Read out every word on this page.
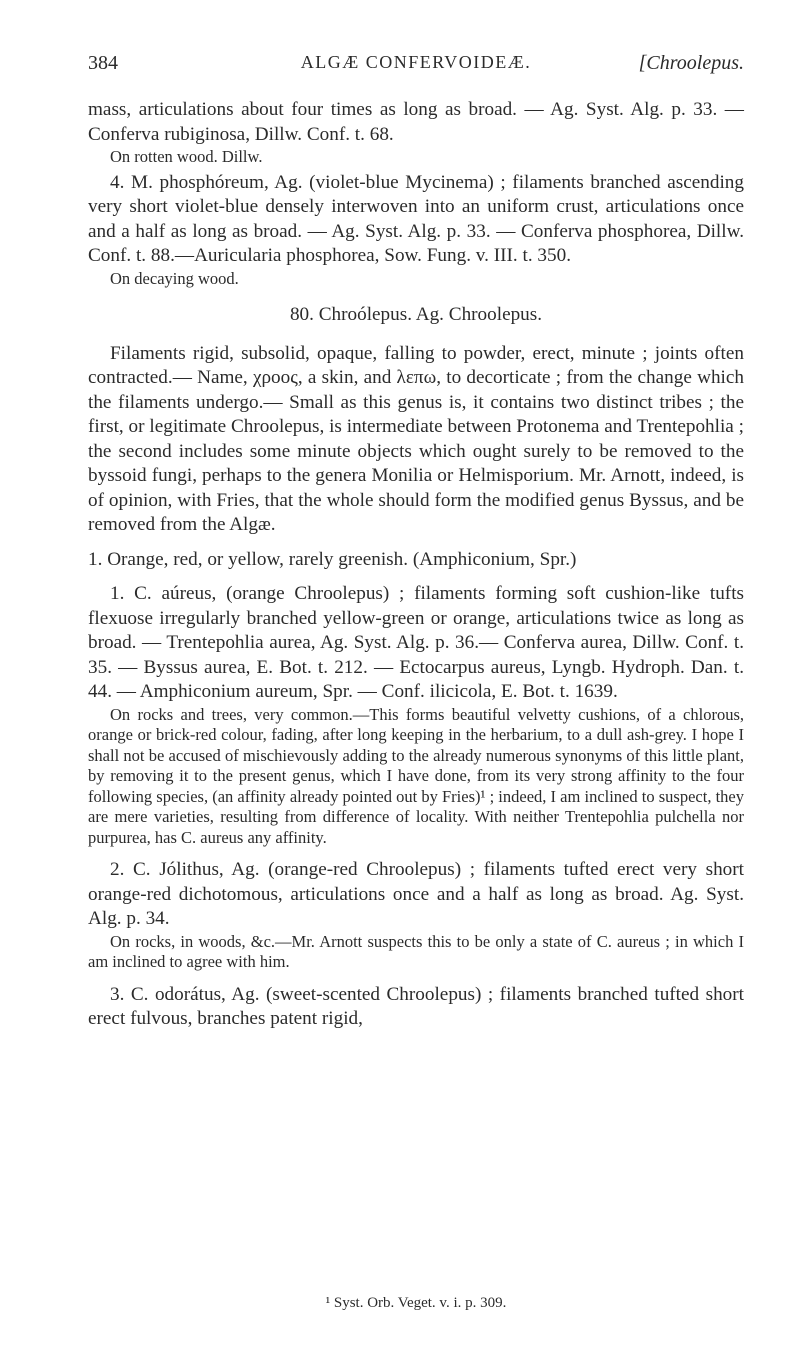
384	ALGÆ CONFERVOIDEÆ.	[Chroolepus.

mass, articulations about four times as long as broad. — Ag. Syst. Alg. p. 33. — Conferva rubiginosa, Dillw. Conf. t. 68.

On rotten wood. Dillw.

4. M. phosphóreum, Ag. (violet-blue Mycinema) ; filaments branched ascending very short violet-blue densely interwoven into an uniform crust, articulations once and a half as long as broad. — Ag. Syst. Alg. p. 33. — Conferva phosphorea, Dillw. Conf. t. 88.—Auricularia phosphorea, Sow. Fung. v. III. t. 350.

On decaying wood.

80. Chroólepus. Ag. Chroolepus.

Filaments rigid, subsolid, opaque, falling to powder, erect, minute ; joints often contracted.— Name, χροος, a skin, and λεπω, to decorticate ; from the change which the filaments undergo.— Small as this genus is, it contains two distinct tribes ; the first, or legitimate Chroolepus, is intermediate between Protonema and Trentepohlia ; the second includes some minute objects which ought surely to be removed to the byssoid fungi, perhaps to the genera Monilia or Helmisporium. Mr. Arnott, indeed, is of opinion, with Fries, that the whole should form the modified genus Byssus, and be removed from the Algæ.

1. Orange, red, or yellow, rarely greenish. (Amphiconium, Spr.)

1. C. aúreus, (orange Chroolepus) ; filaments forming soft cushion-like tufts flexuose irregularly branched yellow-green or orange, articulations twice as long as broad. — Trentepohlia aurea, Ag. Syst. Alg. p. 36.— Conferva aurea, Dillw. Conf. t. 35. — Byssus aurea, E. Bot. t. 212. — Ectocarpus aureus, Lyngb. Hydroph. Dan. t. 44. — Amphiconium aureum, Spr. — Conf. ilicicola, E. Bot. t. 1639.

On rocks and trees, very common.—This forms beautiful velvetty cushions, of a chlorous, orange or brick-red colour, fading, after long keeping in the herbarium, to a dull ash-grey. I hope I shall not be accused of mischievously adding to the already numerous synonyms of this little plant, by removing it to the present genus, which I have done, from its very strong affinity to the four following species, (an affinity already pointed out by Fries)¹ ; indeed, I am inclined to suspect, they are mere varieties, resulting from difference of locality. With neither Trentepohlia pulchella nor purpurea, has C. aureus any affinity.

2. C. Jólithus, Ag. (orange-red Chroolepus) ; filaments tufted erect very short orange-red dichotomous, articulations once and a half as long as broad. Ag. Syst. Alg. p. 34.

On rocks, in woods, &c.—Mr. Arnott suspects this to be only a state of C. aureus ; in which I am inclined to agree with him.

3. C. odorátus, Ag. (sweet-scented Chroolepus) ; filaments branched tufted short erect fulvous, branches patent rigid,

¹ Syst. Orb. Veget. v. i. p. 309.
